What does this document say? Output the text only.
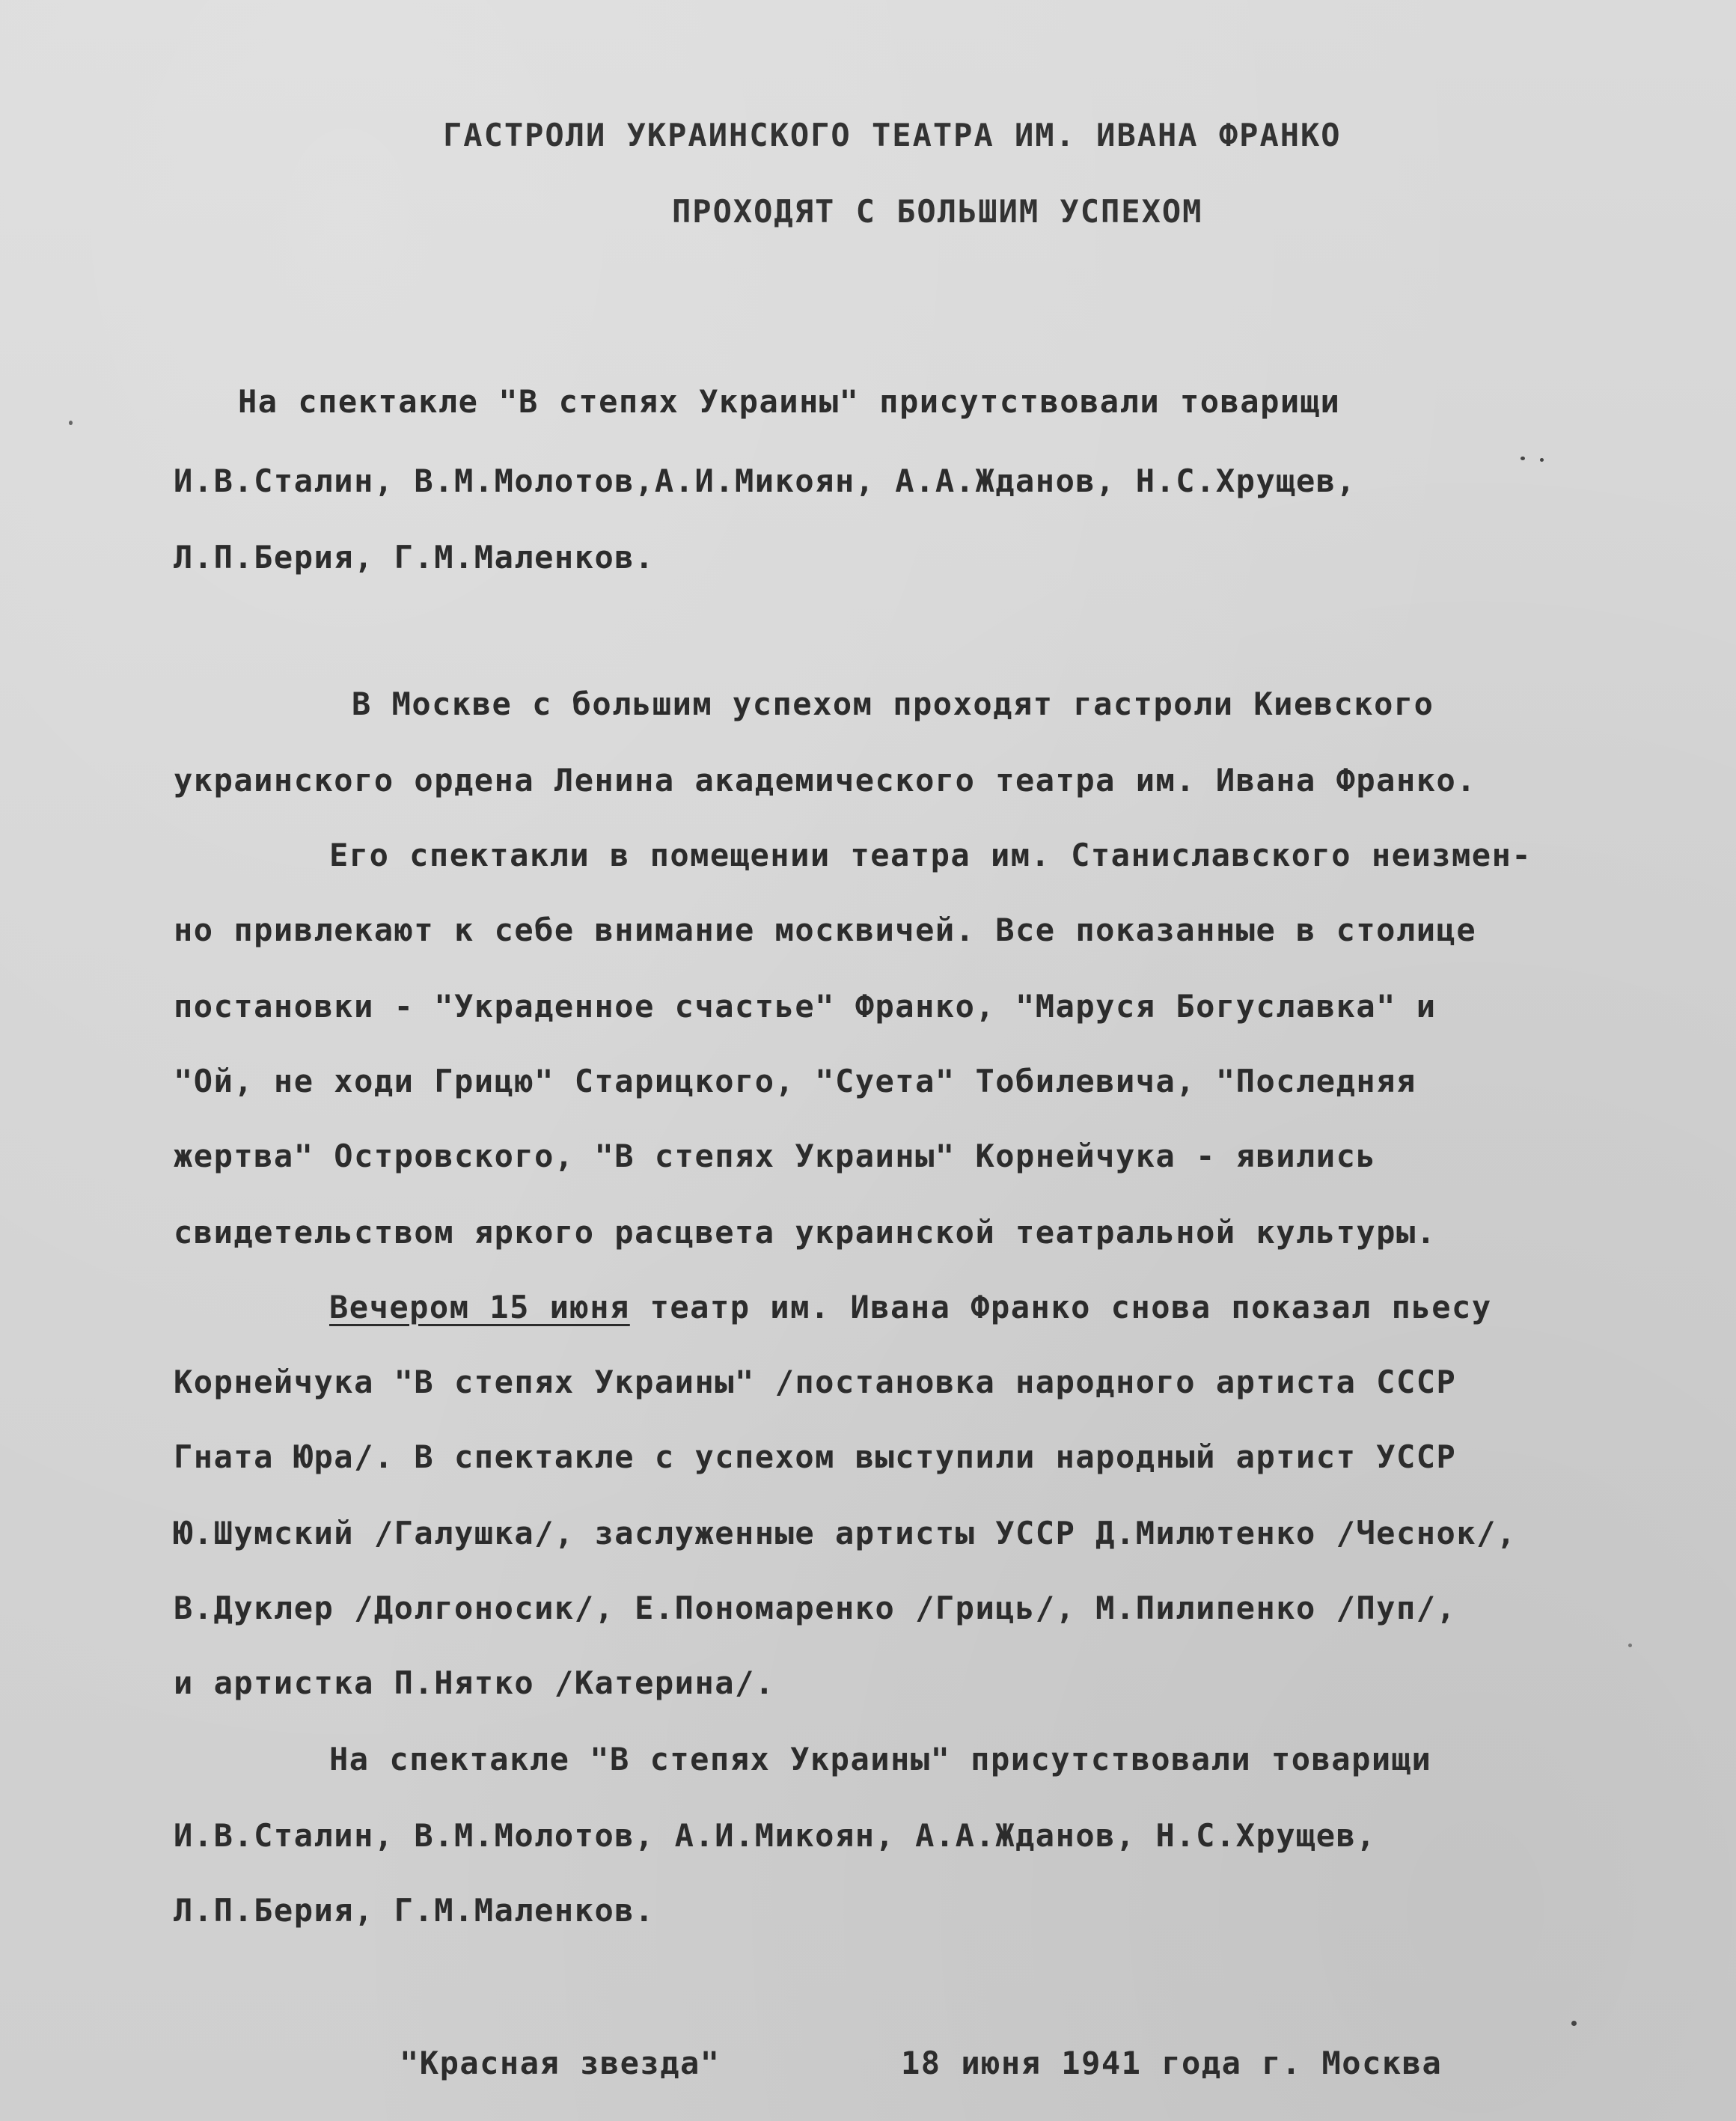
ГАСТРОЛИ УКРАИНСКОГО ТЕАТРА ИМ. ИВАНА ФРАНКО
ПРОХОДЯТ С БОЛЬШИМ УСПЕХОМ
На спектакле "В степях Украины" присутствовали товарищи
И.В.Сталин, В.М.Молотов,А.И.Микоян, А.А.Жданов, Н.С.Хрущев,
Л.П.Берия, Г.М.Маленков.
В Москве с большим успехом проходят гастроли Киевского
украинского ордена Ленина академического театра им. Ивана Франко.
Его спектакли в помещении театра им. Станиславского неизмен-
но привлекают к себе внимание москвичей. Все показанные в столице
постановки - "Украденное счастье" Франко, "Маруся Богуславка" и
"Ой, не ходи Грицю" Старицкого, "Суета" Тобилевича, "Последняя
жертва" Островского, "В степях Украины" Корнейчука - явились
свидетельством яркого расцвета украинской театральной культуры.
Вечером 15 июня театр им. Ивана Франко снова показал пьесу
Корнейчука "В степях Украины" /постановка народного артиста СССР
Гната Юра/. В спектакле с успехом выступили народный артист УССР
Ю.Шумский /Галушка/, заслуженные артисты УССР Д.Милютенко /Чеснок/,
В.Дуклер /Долгоносик/, Е.Пономаренко /Гриць/, М.Пилипенко /Пуп/,
и артистка П.Нятко /Катерина/.
На спектакле "В степях Украины" присутствовали товарищи
И.В.Сталин, В.М.Молотов, А.И.Микоян, А.А.Жданов, Н.С.Хрущев,
Л.П.Берия, Г.М.Маленков.
"Красная звезда"	18 июня 1941 года г. Москва
